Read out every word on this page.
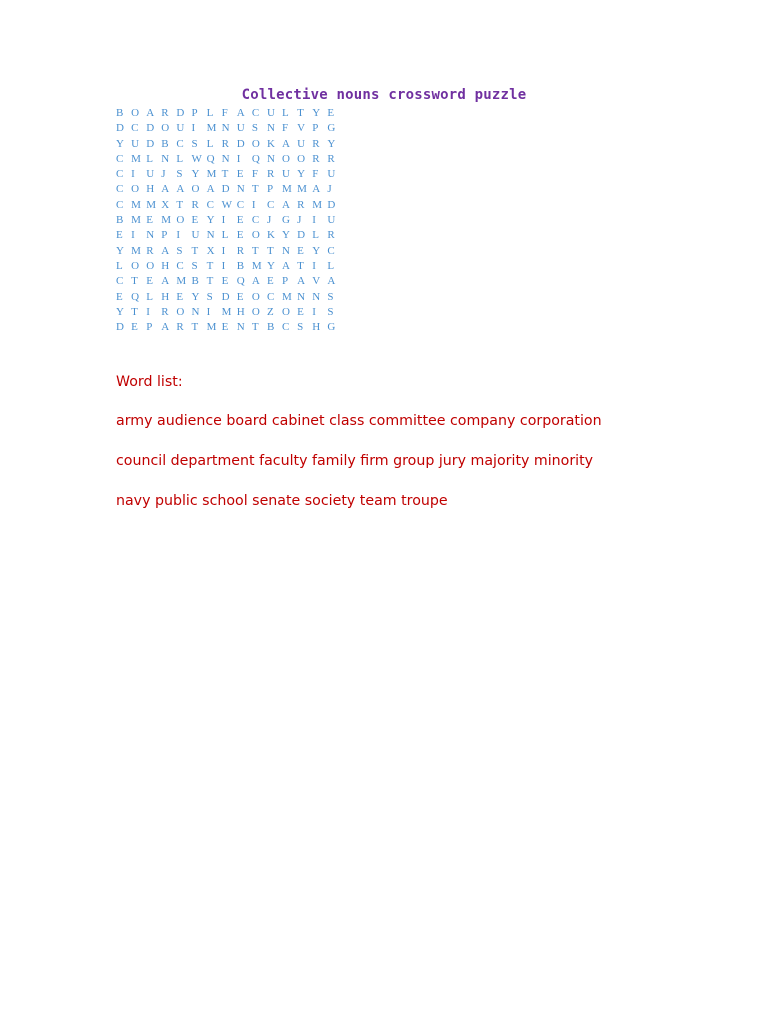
Collective nouns crossword puzzle
B O A R D P L F A C U L T Y E
D C D O U I M N U S N F V P G
Y U D B C S L R D O K A U R Y
C M L N L W Q N I Q N O O R R
C I U J S Y M T E F R U Y F U
C O H A A O A D N T P M M A J
C M M X T R C W C I C A R M D
B M E M O E Y I E C J G J I U
E I N P I U N L E O K Y D L R
Y M R A S T X I R T T N E Y C
L O O H C S T I B M Y A T I L
C T E A M B T E Q A E P A V A
E Q L H E Y S D E O C M N N S
Y T I R O N I M H O Z O E I S
D E P A R T M E N T B C S H G
Word list:
army audience board cabinet class committee company corporation
council department faculty family firm group jury majority minority
navy public school senate society team troupe
